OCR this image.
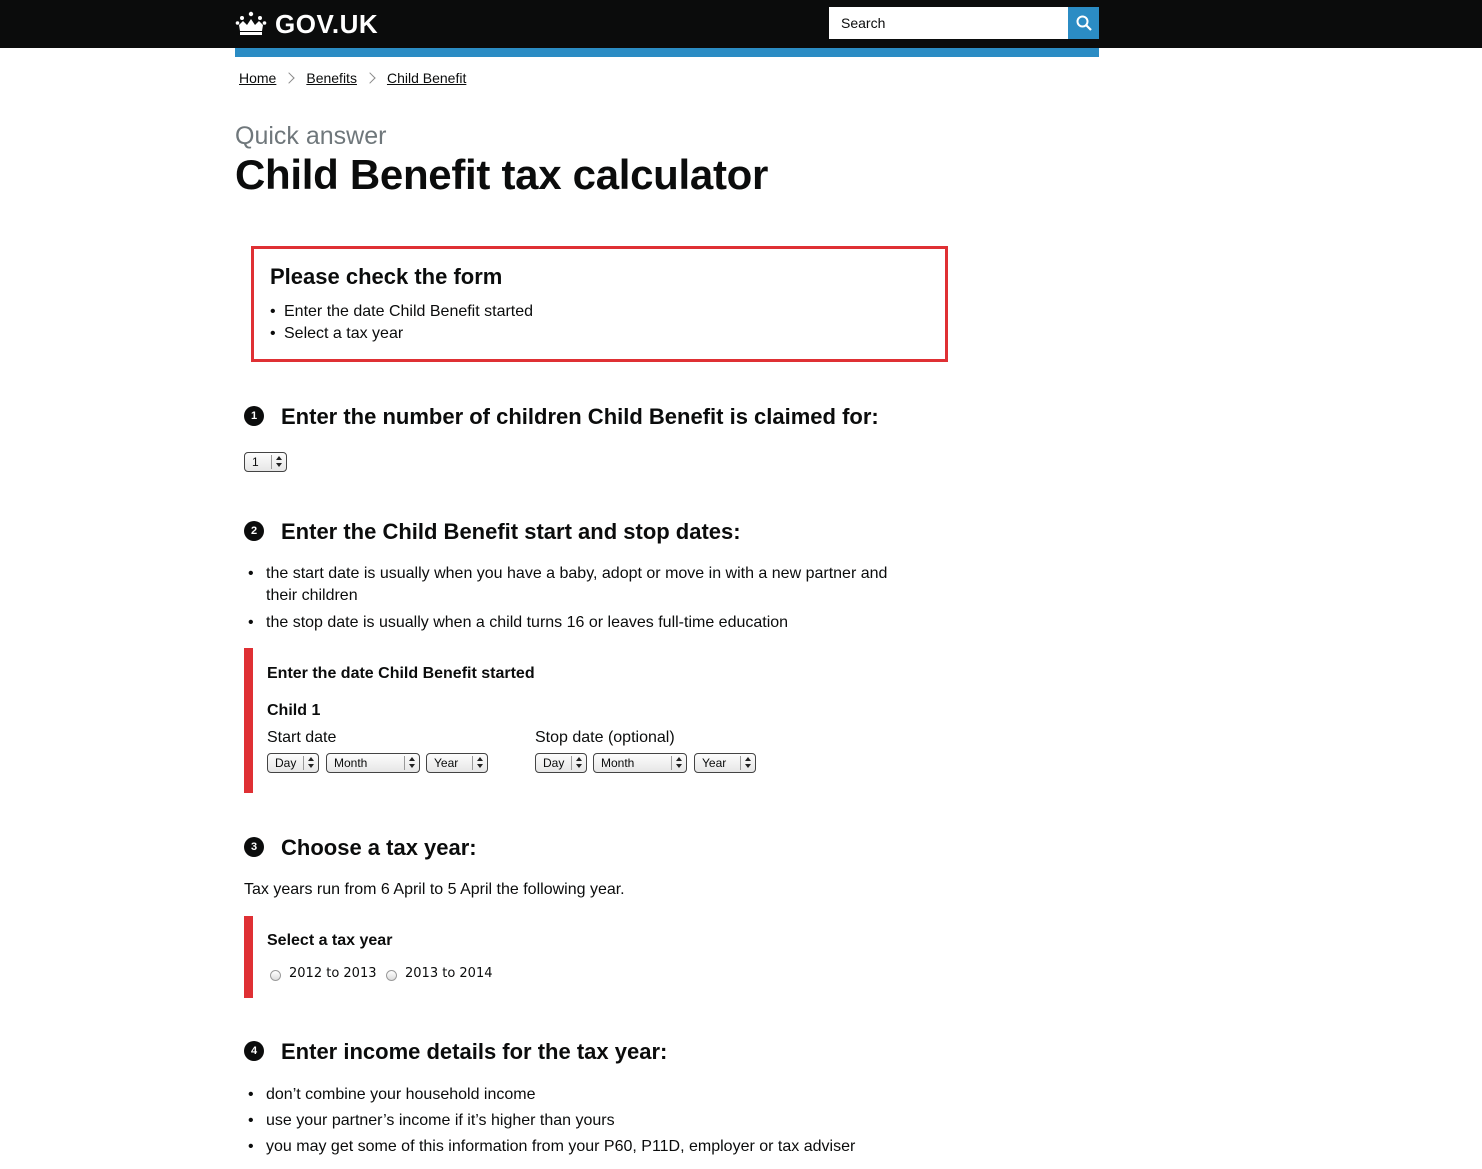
GOV.UK
Search
Home Benefits Child Benefit

Quick answer

Child Benefit tax calculator
Please check the form
• Enter the date Child Benefit started
• Select a tax year
1	Enter the number of children Child Benefit is claimed for:
1
2	Enter the Child Benefit start and stop dates:
• the start date is usually when you have a baby, adopt or move in with a new partner and their children
• the stop date is usually when a child turns 16 or leaves full-time education

Enter the date Child Benefit started

Child 1

Start date	Stop date (optional)

Day	Month	Year	Day	Month	Year
3	Choose a tax year:

Tax years run from 6 April to 5 April the following year.

Select a tax year

2012 to 2013 2013 to 2014
4	Enter income details for the tax year:
• don’t combine your household income
• use your partner’s income if it’s higher than yours
• you may get some of this information from your P60, P11D, employer or tax adviser
